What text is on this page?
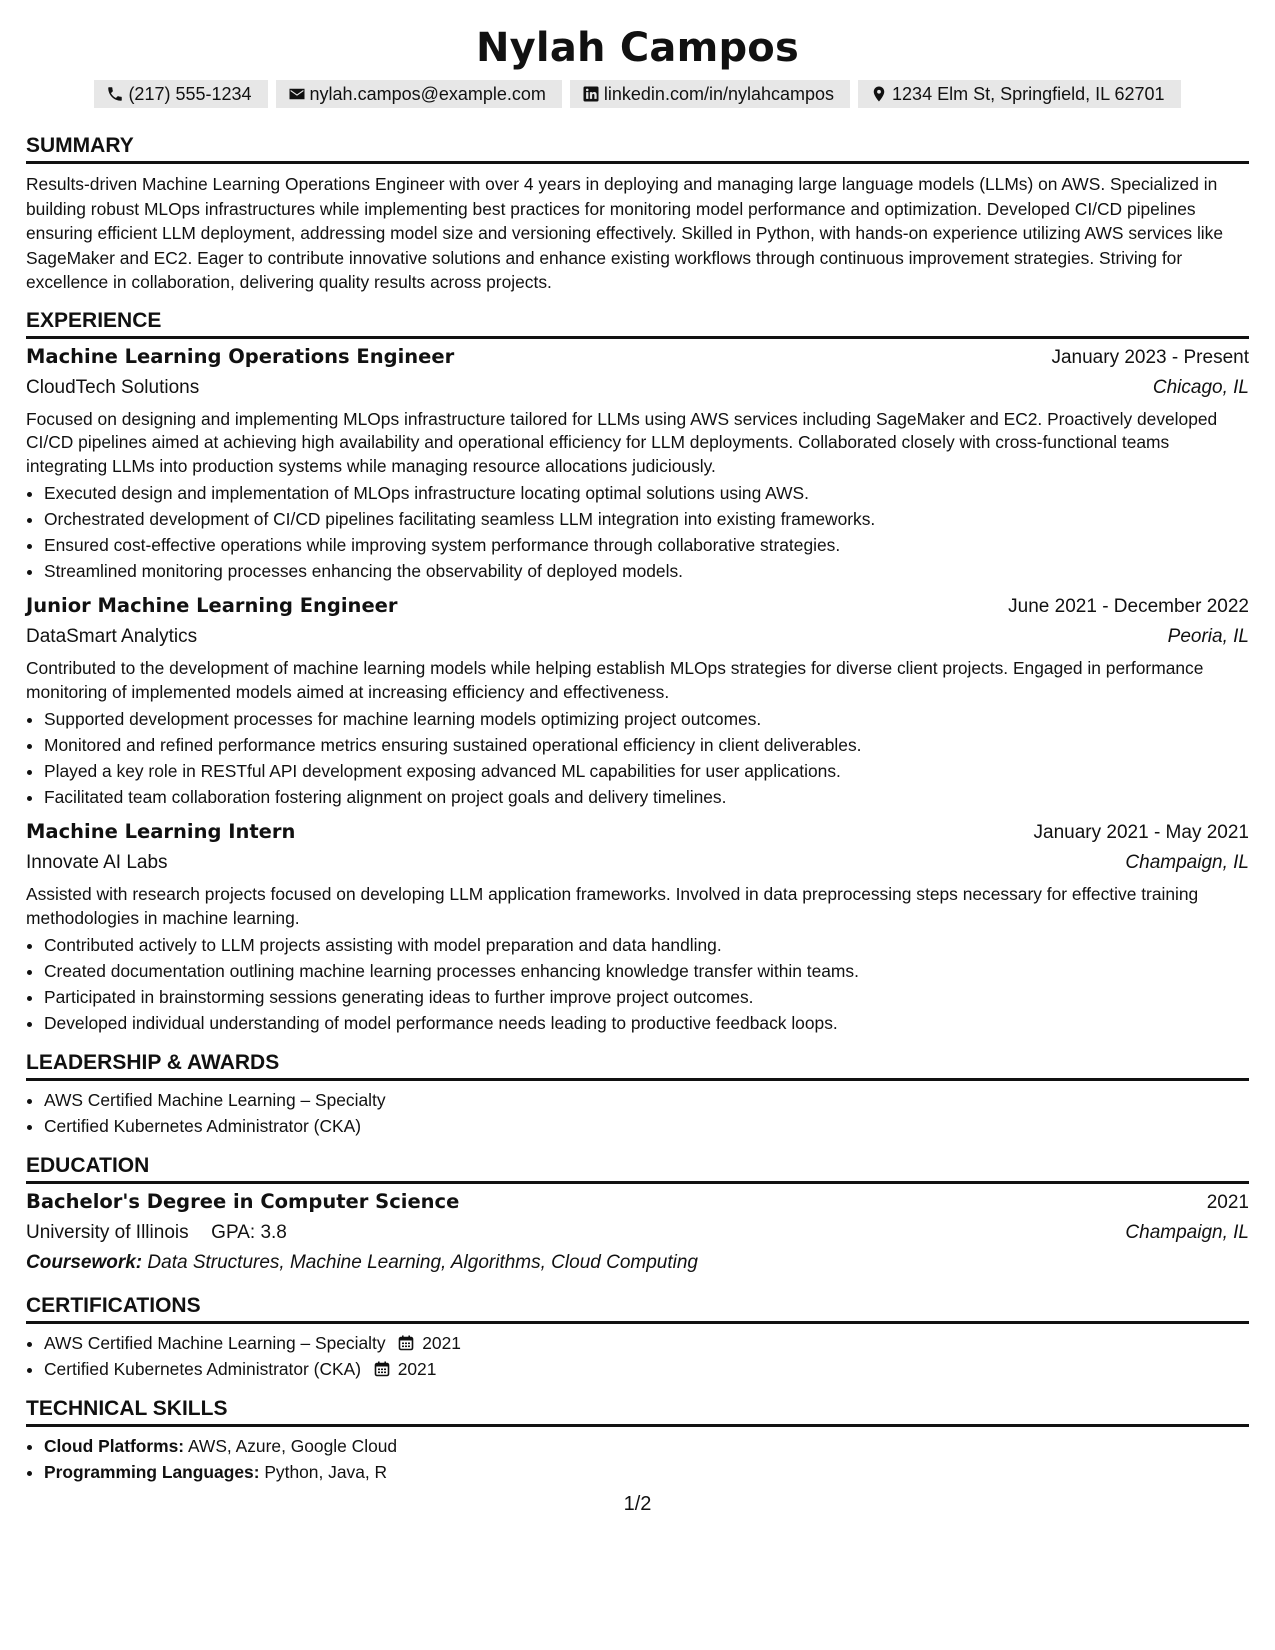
Nylah Campos
(217) 555-1234	nylah.campos@example.com	linkedin.com/in/nylahcampos	1234 Elm St, Springfield, IL 62701
SUMMARY
Results-driven Machine Learning Operations Engineer with over 4 years in deploying and managing large language models (LLMs) on AWS. Specialized in building robust MLOps infrastructures while implementing best practices for monitoring model performance and optimization. Developed CI/CD pipelines ensuring efficient LLM deployment, addressing model size and versioning effectively. Skilled in Python, with hands-on experience utilizing AWS services like SageMaker and EC2. Eager to contribute innovative solutions and enhance existing workflows through continuous improvement strategies. Striving for excellence in collaboration, delivering quality results across projects.
EXPERIENCE
Machine Learning Operations Engineer	January 2023 - Present
CloudTech Solutions	Chicago, IL
Focused on designing and implementing MLOps infrastructure tailored for LLMs using AWS services including SageMaker and EC2. Proactively developed CI/CD pipelines aimed at achieving high availability and operational efficiency for LLM deployments. Collaborated closely with cross-functional teams integrating LLMs into production systems while managing resource allocations judiciously.
• Executed design and implementation of MLOps infrastructure locating optimal solutions using AWS.
• Orchestrated development of CI/CD pipelines facilitating seamless LLM integration into existing frameworks.
• Ensured cost-effective operations while improving system performance through collaborative strategies.
• Streamlined monitoring processes enhancing the observability of deployed models.
Junior Machine Learning Engineer	June 2021 - December 2022
DataSmart Analytics	Peoria, IL
Contributed to the development of machine learning models while helping establish MLOps strategies for diverse client projects. Engaged in performance monitoring of implemented models aimed at increasing efficiency and effectiveness.
• Supported development processes for machine learning models optimizing project outcomes.
• Monitored and refined performance metrics ensuring sustained operational efficiency in client deliverables.
• Played a key role in RESTful API development exposing advanced ML capabilities for user applications.
• Facilitated team collaboration fostering alignment on project goals and delivery timelines.
Machine Learning Intern	January 2021 - May 2021
Innovate AI Labs	Champaign, IL
Assisted with research projects focused on developing LLM application frameworks. Involved in data preprocessing steps necessary for effective training methodologies in machine learning.
• Contributed actively to LLM projects assisting with model preparation and data handling.
• Created documentation outlining machine learning processes enhancing knowledge transfer within teams.
• Participated in brainstorming sessions generating ideas to further improve project outcomes.
• Developed individual understanding of model performance needs leading to productive feedback loops.
LEADERSHIP & AWARDS
• AWS Certified Machine Learning – Specialty
• Certified Kubernetes Administrator (CKA)
EDUCATION
Bachelor's Degree in Computer Science	2021
University of Illinois GPA: 3.8	Champaign, IL
Coursework: Data Structures, Machine Learning, Algorithms, Cloud Computing
CERTIFICATIONS
• AWS Certified Machine Learning – Specialty 2021
• Certified Kubernetes Administrator (CKA) 2021
TECHNICAL SKILLS
• Cloud Platforms: AWS, Azure, Google Cloud
• Programming Languages: Python, Java, R
1/2
